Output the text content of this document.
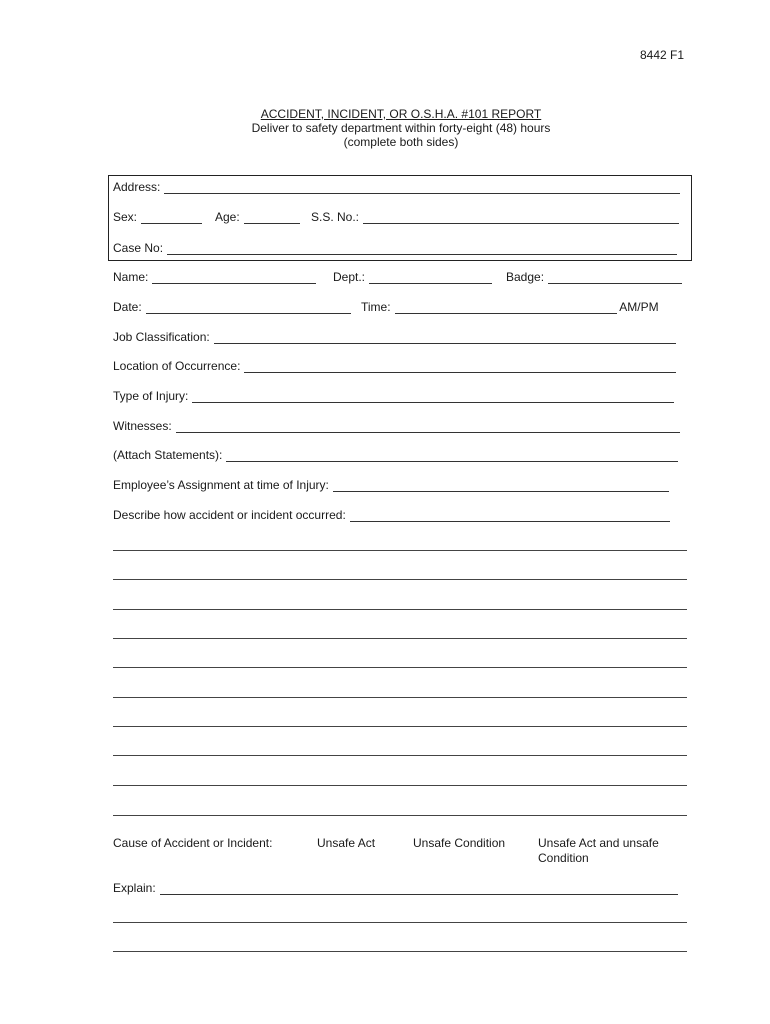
8442 F1
ACCIDENT, INCIDENT, OR O.S.H.A. #101 REPORT
Deliver to safety department within forty-eight (48) hours
(complete both sides)
Address:
Sex:	Age:	S.S. No.:
Case No:
Name:	Dept.:	Badge:
Date:	Time:	AM/PM
Job Classification:
Location of Occurrence:
Type of Injury:
Witnesses:
(Attach Statements):
Employee’s Assignment at time of Injury:
Describe how accident or incident occurred:
Cause of Accident or Incident:	Unsafe Act	Unsafe Condition	Unsafe Act and unsafe Condition
Explain:
